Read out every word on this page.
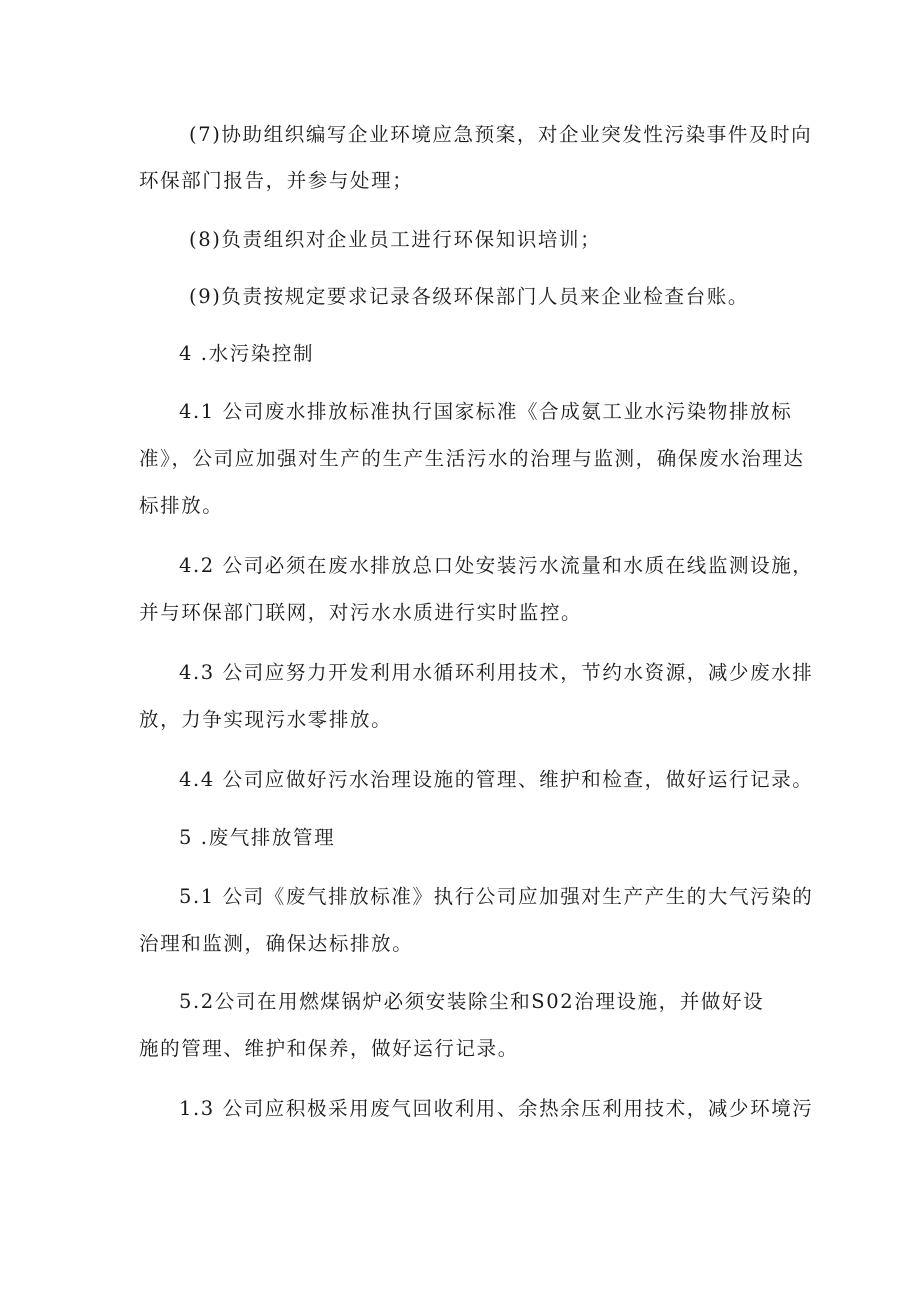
(7)协助组织编写企业环境应急预案，对企业突发性污染事件及时向
环保部门报告，并参与处理；
(8)负责组织对企业员工进行环保知识培训；
(9)负责按规定要求记录各级环保部门人员来企业检查台账。
4 .水污染控制
4.1 公司废水排放标准执行国家标准《合成氨工业水污染物排放标
准》，公司应加强对生产的生产生活污水的治理与监测，确保废水治理达
标排放。
4.2 公司必须在废水排放总口处安装污水流量和水质在线监测设施，
并与环保部门联网，对污水水质进行实时监控。
4.3 公司应努力开发利用水循环利用技术，节约水资源，减少废水排
放，力争实现污水零排放。
4.4 公司应做好污水治理设施的管理、维护和检查，做好运行记录。
5 .废气排放管理
5.1 公司《废气排放标准》执行公司应加强对生产产生的大气污染的
治理和监测，确保达标排放。
5.2公司在用燃煤锅炉必须安装除尘和S02治理设施，并做好设
施的管理、维护和保养，做好运行记录。
1.3 公司应积极采用废气回收利用、余热余压利用技术，减少环境污
